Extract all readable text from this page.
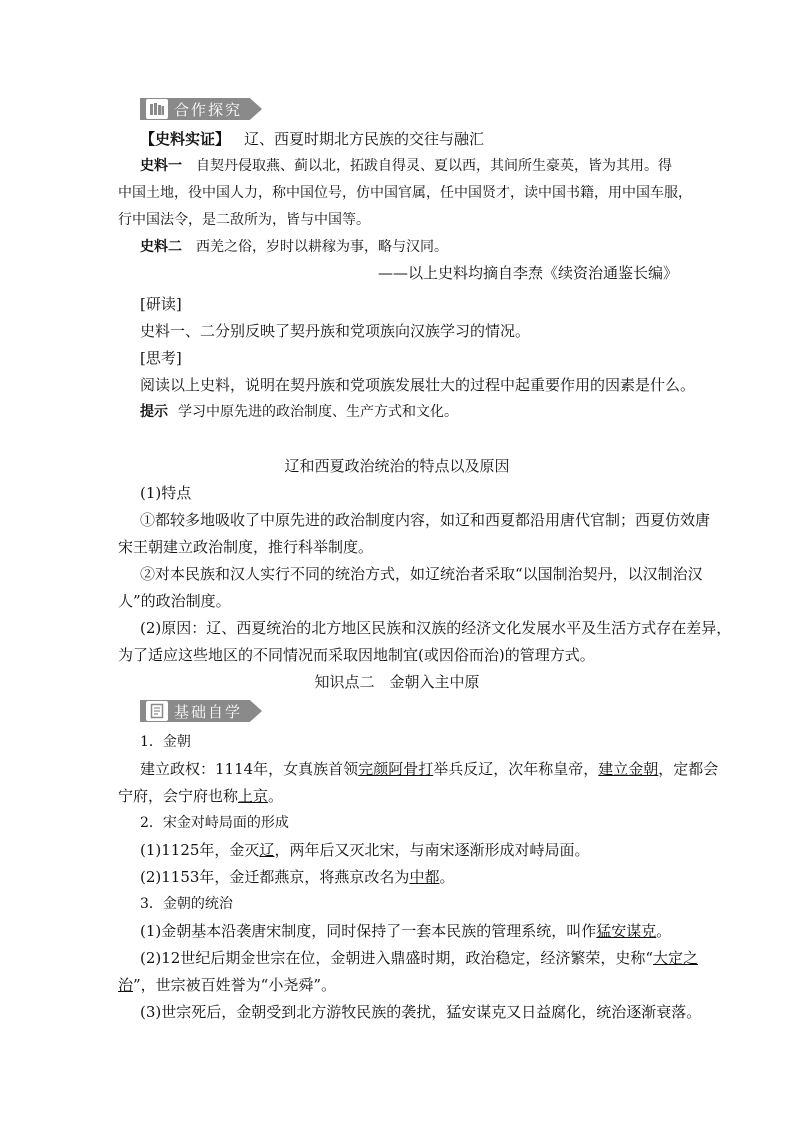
合作探究
【史料实证】 辽、西夏时期北方民族的交往与融汇
史料一 自契丹侵取燕、蓟以北，拓跋自得灵、夏以西，其间所生豪英，皆为其用。得
中国土地，役中国人力，称中国位号，仿中国官属，任中国贤才，读中国书籍，用中国车服，
行中国法令，是二敌所为，皆与中国等。
史料二 西羌之俗，岁时以耕稼为事，略与汉同。
——以上史料均摘自李焘《续资治通鉴长编》
[研读]
史料一、二分别反映了契丹族和党项族向汉族学习的情况。
[思考]
阅读以上史料，说明在契丹族和党项族发展壮大的过程中起重要作用的因素是什么。
提示 学习中原先进的政治制度、生产方式和文化。
辽和西夏政治统治的特点以及原因
(1)特点
①都较多地吸收了中原先进的政治制度内容，如辽和西夏都沿用唐代官制；西夏仿效唐
宋王朝建立政治制度，推行科举制度。
②对本民族和汉人实行不同的统治方式，如辽统治者采取“以国制治契丹，以汉制治汉
人”的政治制度。
(2)原因：辽、西夏统治的北方地区民族和汉族的经济文化发展水平及生活方式存在差异，
为了适应这些地区的不同情况而采取因地制宜(或因俗而治)的管理方式。
知识点二　金朝入主中原
基础自学
1．金朝
建立政权：1114年，女真族首领完颜阿骨打举兵反辽，次年称皇帝，建立金朝，定都会
宁府，会宁府也称上京。
2．宋金对峙局面的形成
(1)1125年，金灭辽，两年后又灭北宋，与南宋逐渐形成对峙局面。
(2)1153年，金迁都燕京，将燕京改名为中都。
3．金朝的统治
(1)金朝基本沿袭唐宋制度，同时保持了一套本民族的管理系统，叫作猛安谋克。
(2)12世纪后期金世宗在位，金朝进入鼎盛时期，政治稳定，经济繁荣，史称“大定之
治”，世宗被百姓誉为“小尧舜”。
(3)世宗死后，金朝受到北方游牧民族的袭扰，猛安谋克又日益腐化，统治逐渐衰落。
